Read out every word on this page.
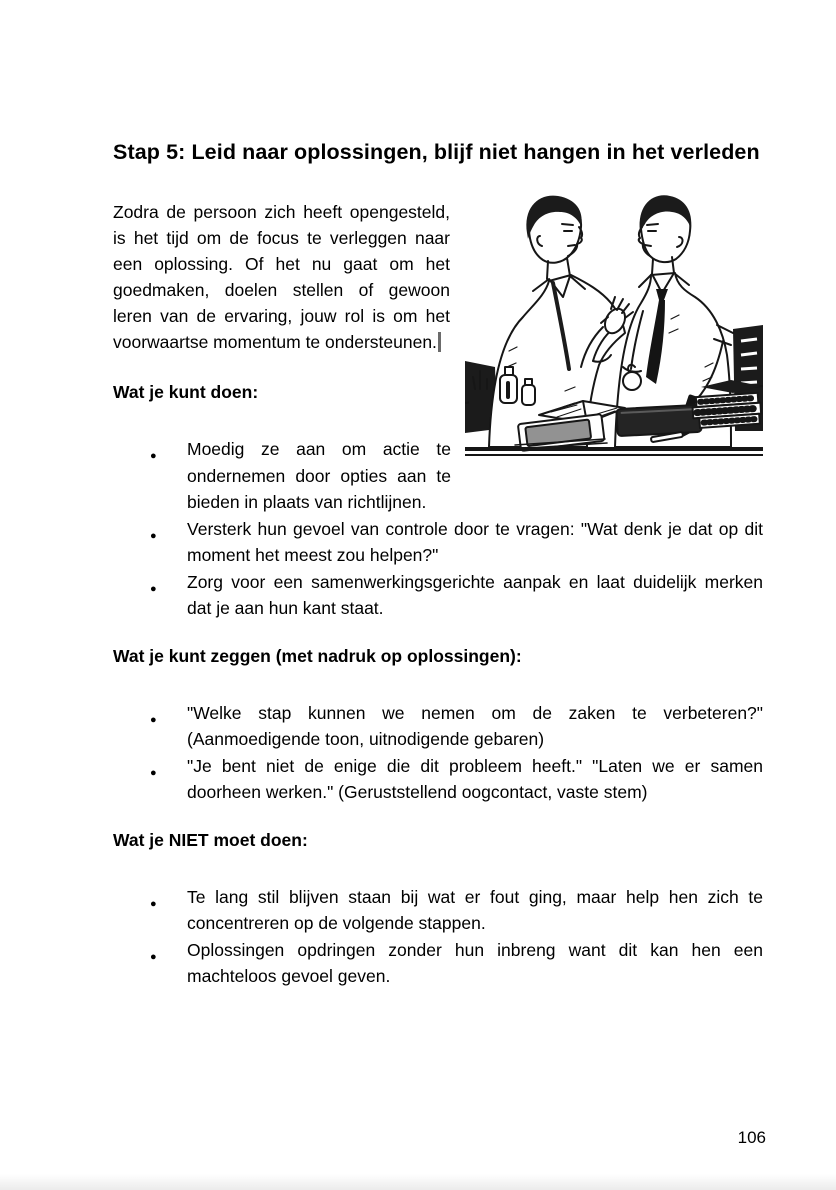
Stap 5: Leid naar oplossingen, blijf niet hangen in het verleden

Zodra de persoon zich heeft opengesteld, is het tijd om de focus te verleggen naar een oplossing. Of het nu gaat om het goedmaken, doelen stellen of gewoon leren van de ervaring, jouw rol is om het voorwaartse momentum te ondersteunen.

Wat je kunt doen:
● Moedig ze aan om actie te ondernemen door opties aan te bieden in plaats van richtlijnen.
● Versterk hun gevoel van controle door te vragen: "Wat denk je dat op dit moment het meest zou helpen?"
● Zorg voor een samenwerkingsgerichte aanpak en laat duidelijk merken dat je aan hun kant staat.
Wat je kunt zeggen (met nadruk op oplossingen):
● "Welke stap kunnen we nemen om de zaken te verbeteren?" (Aanmoedigende toon, uitnodigende gebaren)
● "Je bent niet de enige die dit probleem heeft." "Laten we er samen doorheen werken." (Geruststellend oogcontact, vaste stem)
Wat je NIET moet doen:
● Te lang stil blijven staan bij wat er fout ging, maar help hen zich te concentreren op de volgende stappen.
● Oplossingen opdringen zonder hun inbreng want dit kan hen een machteloos gevoel geven.
106
